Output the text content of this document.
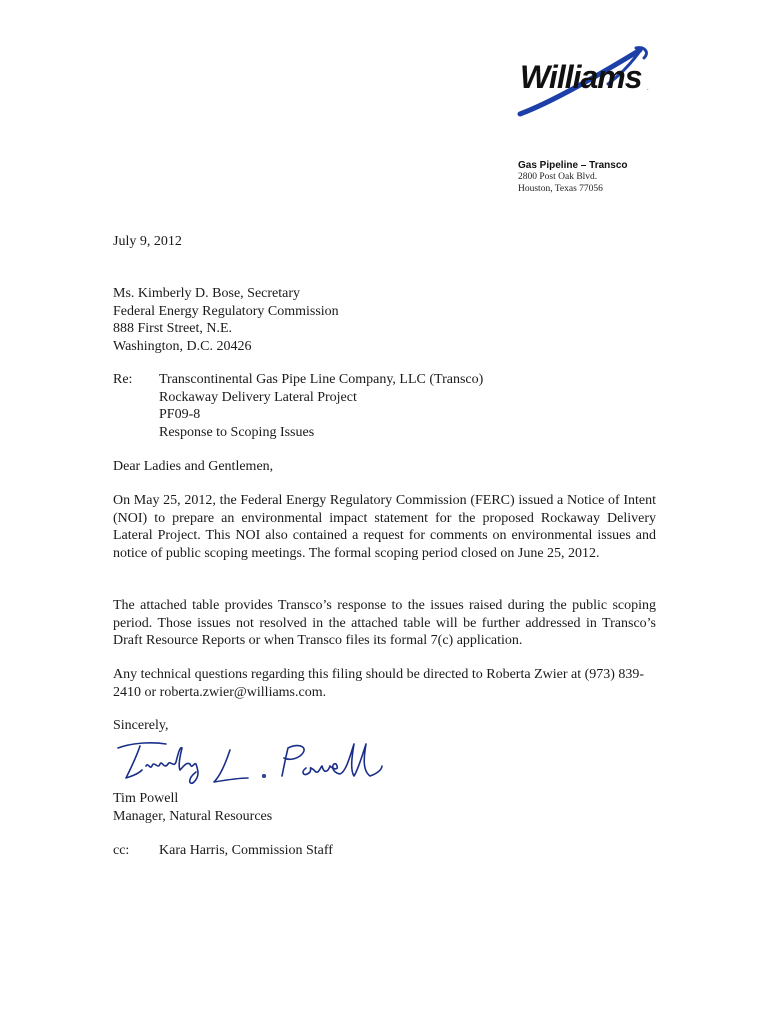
Williams .
Gas Pipeline – Transco
2800 Post Oak Blvd.
Houston, Texas 77056
July 9, 2012
Ms. Kimberly D. Bose, Secretary
Federal Energy Regulatory Commission
888 First Street, N.E.
Washington, D.C. 20426
Re: Transcontinental Gas Pipe Line Company, LLC (Transco)
Rockaway Delivery Lateral Project
PF09-8
Response to Scoping Issues
Dear Ladies and Gentlemen,
On May 25, 2012, the Federal Energy Regulatory Commission (FERC) issued a Notice of Intent (NOI) to prepare an environmental impact statement for the proposed Rockaway Delivery Lateral Project. This NOI also contained a request for comments on environmental issues and notice of public scoping meetings. The formal scoping period closed on June 25, 2012.
The attached table provides Transco’s response to the issues raised during the public scoping period. Those issues not resolved in the attached table will be further addressed in Transco’s Draft Resource Reports or when Transco files its formal 7(c) application.
Any technical questions regarding this filing should be directed to Roberta Zwier at (973) 839-2410 or roberta.zwier@williams.com.
Sincerely,
Tim Powell
Manager, Natural Resources
cc: Kara Harris, Commission Staff
